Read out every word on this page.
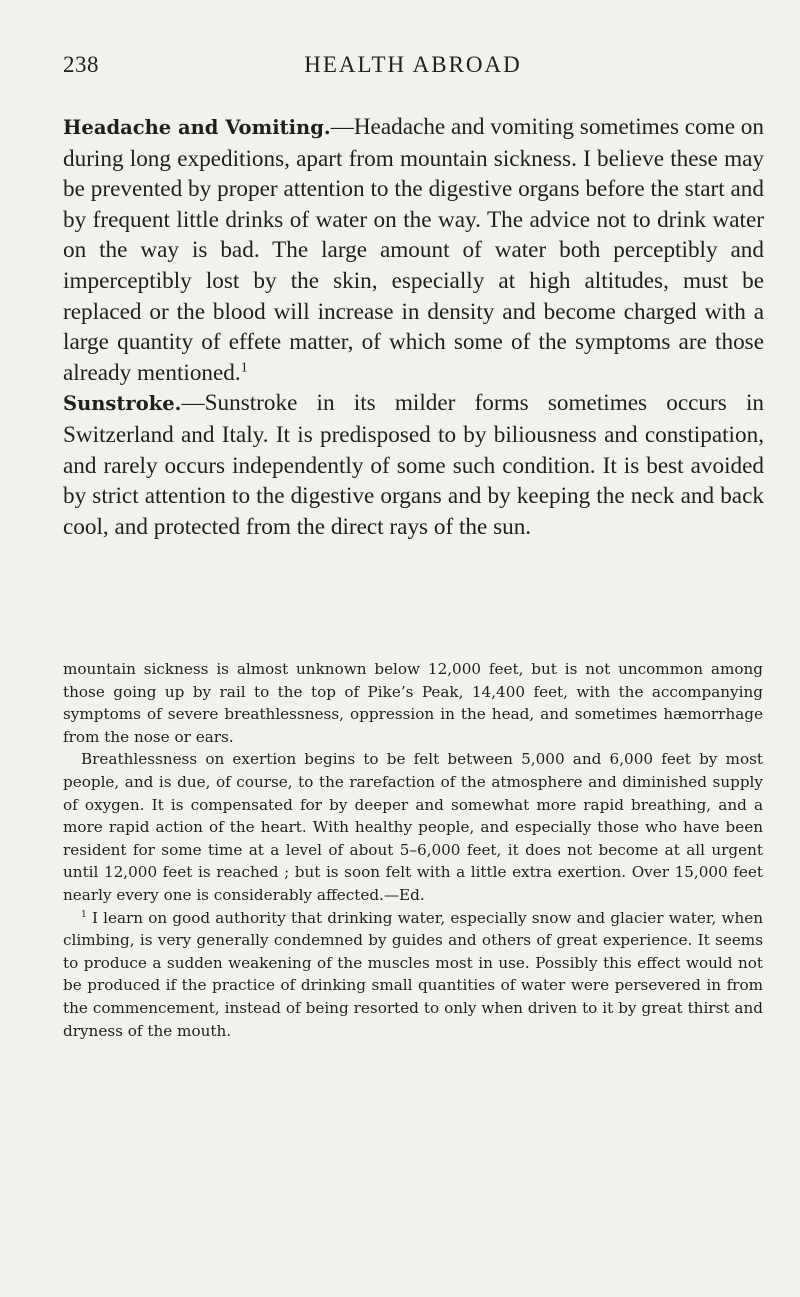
238	HEALTH ABROAD

Headache and Vomiting.—Headache and vomiting sometimes come on during long expeditions, apart from mountain sickness. I believe these may be prevented by proper attention to the digestive organs before the start and by frequent little drinks of water on the way. The advice not to drink water on the way is bad. The large amount of water both perceptibly and imperceptibly lost by the skin, especially at high altitudes, must be replaced or the blood will increase in density and become charged with a large quantity of effete matter, of which some of the symptoms are those already mentioned.$^1$

Sunstroke.—Sunstroke in its milder forms sometimes occurs in Switzerland and Italy. It is predisposed to by biliousness and constipation, and rarely occurs independently of some such condition. It is best avoided by strict attention to the digestive organs and by keeping the neck and back cool, and protected from the direct rays of the sun.

mountain sickness is almost unknown below 12,000 feet, but is not uncommon among those going up by rail to the top of Pike’s Peak, 14,400 feet, with the accompanying symptoms of severe breathlessness, oppression in the head, and sometimes hæmorrhage from the nose or ears.

Breathlessness on exertion begins to be felt between 5,000 and 6,000 feet by most people, and is due, of course, to the rarefaction of the atmosphere and diminished supply of oxygen. It is compensated for by deeper and somewhat more rapid breathing, and a more rapid action of the heart. With healthy people, and especially those who have been resident for some time at a level of about 5–6,000 feet, it does not become at all urgent until 12,000 feet is reached ; but is soon felt with a little extra exertion. Over 15,000 feet nearly every one is considerably affected.—Ed.

$^1$ I learn on good authority that drinking water, especially snow and glacier water, when climbing, is very generally condemned by guides and others of great experience. It seems to produce a sudden weakening of the muscles most in use. Possibly this effect would not be produced if the practice of drinking small quantities of water were persevered in from the commencement, instead of being resorted to only when driven to it by great thirst and dryness of the mouth.
